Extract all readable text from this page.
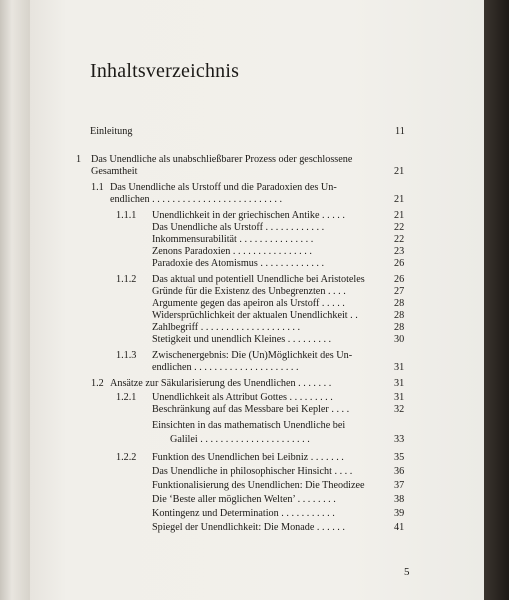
Inhaltsverzeichnis
Einleitung	11
1 Das Unendliche als unabschließbarer Prozess oder geschlossene
Gesamtheit	21
1.1 Das Unendliche als Urstoff und die Paradoxien des Un-
endlichen . . . . . . . . . . . . . . . . . . . . . . . . . .	21
1.1.1 Unendlichkeit in der griechischen Antike . . . . .	21
Das Unendliche als Urstoff . . . . . . . . . . . .	22
Inkommensurabilität . . . . . . . . . . . . . . .	22
Zenons Paradoxien . . . . . . . . . . . . . . . .	23
Paradoxie des Atomismus . . . . . . . . . . . . .	26
1.1.2 Das aktual und potentiell Unendliche bei Aristoteles	26
Gründe für die Existenz des Unbegrenzten . . . .	27
Argumente gegen das apeiron als Urstoff . . . . .	28
Widersprüchlichkeit der aktualen Unendlichkeit . .	28
Zahlbegriff . . . . . . . . . . . . . . . . . . . .	28
Stetigkeit und unendlich Kleines . . . . . . . . .	30
1.1.3 Zwischenergebnis: Die (Un)Möglichkeit des Un-
endlichen . . . . . . . . . . . . . . . . . . . . .	31
1.2 Ansätze zur Säkularisierung des Unendlichen . . . . . . .	31
1.2.1 Unendlichkeit als Attribut Gottes . . . . . . . . .	31
Beschränkung auf das Messbare bei Kepler . . . .	32
Einsichten in das mathematisch Unendliche bei
Galilei . . . . . . . . . . . . . . . . . . . . . .	33
1.2.2 Funktion des Unendlichen bei Leibniz . . . . . . .	35
Das Unendliche in philosophischer Hinsicht . . . .	36
Funktionalisierung des Unendlichen: Die Theodizee	37
Die ‘Beste aller möglichen Welten’ . . . . . . . .	38
Kontingenz und Determination . . . . . . . . . . .	39
Spiegel der Unendlichkeit: Die Monade . . . . . .	41
5
